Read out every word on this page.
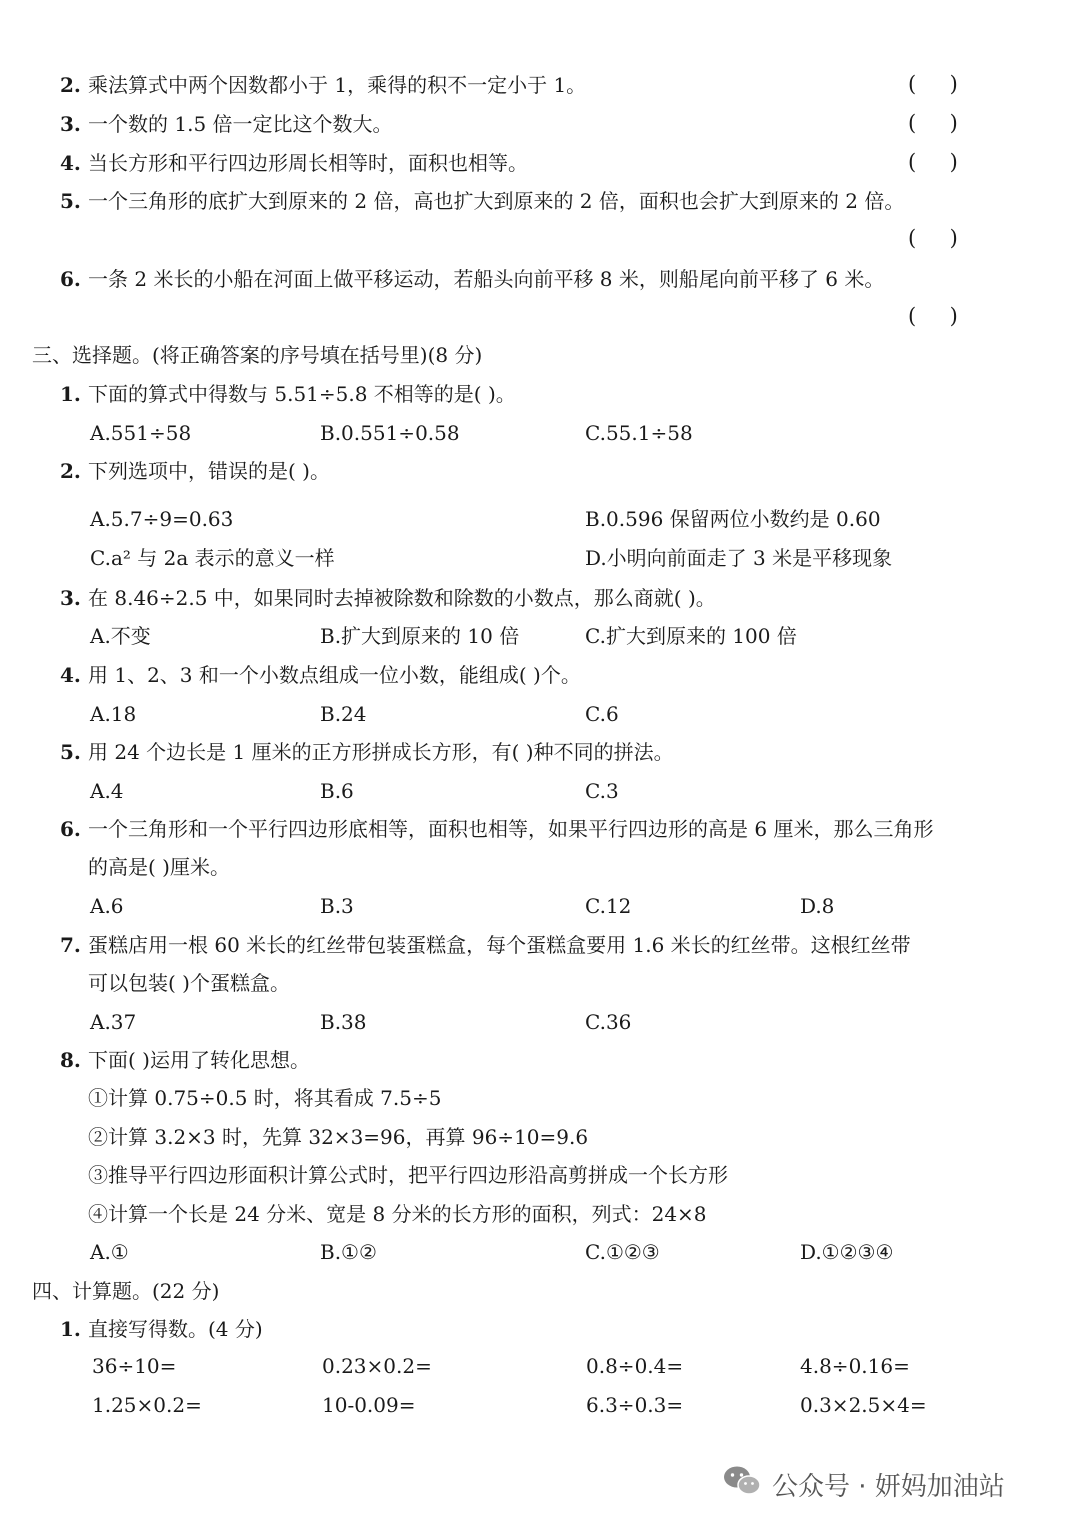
2. 乘法算式中两个因数都小于 1，乘得的积不一定小于 1。	(     )
3. 一个数的 1.5 倍一定比这个数大。	(     )
4. 当长方形和平行四边形周长相等时，面积也相等。	(     )
5. 一个三角形的底扩大到原来的 2 倍，高也扩大到原来的 2 倍，面积也会扩大到原来的 2 倍。
(     )
6. 一条 2 米长的小船在河面上做平移运动，若船头向前平移 8 米，则船尾向前平移了 6 米。
(     )
三、选择题。(将正确答案的序号填在括号里)(8 分)
1. 下面的算式中得数与 5.51÷5.8 不相等的是( )。
A.551÷58	B.0.551÷0.58	C.55.1÷58
2. 下列选项中，错误的是( )。
A.5.7÷9=0.63̇	B.0.596 保留两位小数约是 0.60
C.a² 与 2a 表示的意义一样	D.小明向前面走了 3 米是平移现象
3. 在 8.46÷2.5 中，如果同时去掉被除数和除数的小数点，那么商就( )。
A.不变	B.扩大到原来的 10 倍	C.扩大到原来的 100 倍
4. 用 1、2、3 和一个小数点组成一位小数，能组成( )个。
A.18	B.24	C.6
5. 用 24 个边长是 1 厘米的正方形拼成长方形，有( )种不同的拼法。
A.4	B.6	C.3
6. 一个三角形和一个平行四边形底相等，面积也相等，如果平行四边形的高是 6 厘米，那么三角形
的高是( )厘米。
A.6	B.3	C.12	D.8
7. 蛋糕店用一根 60 米长的红丝带包装蛋糕盒，每个蛋糕盒要用 1.6 米长的红丝带。这根红丝带
可以包装( )个蛋糕盒。
A.37	B.38	C.36
8. 下面( )运用了转化思想。
①计算 0.75÷0.5 时，将其看成 7.5÷5
②计算 3.2×3 时，先算 32×3=96，再算 96÷10=9.6
③推导平行四边形面积计算公式时，把平行四边形沿高剪拼成一个长方形
④计算一个长是 24 分米、宽是 8 分米的长方形的面积，列式：24×8
A.①	B.①②	C.①②③	D.①②③④
四、计算题。(22 分)
1. 直接写得数。(4 分)
36÷10=	0.23×0.2=	0.8÷0.4=	4.8÷0.16=
1.25×0.2=	10-0.09=	6.3÷0.3=	0.3×2.5×4=
公众号 · 妍妈加油站
